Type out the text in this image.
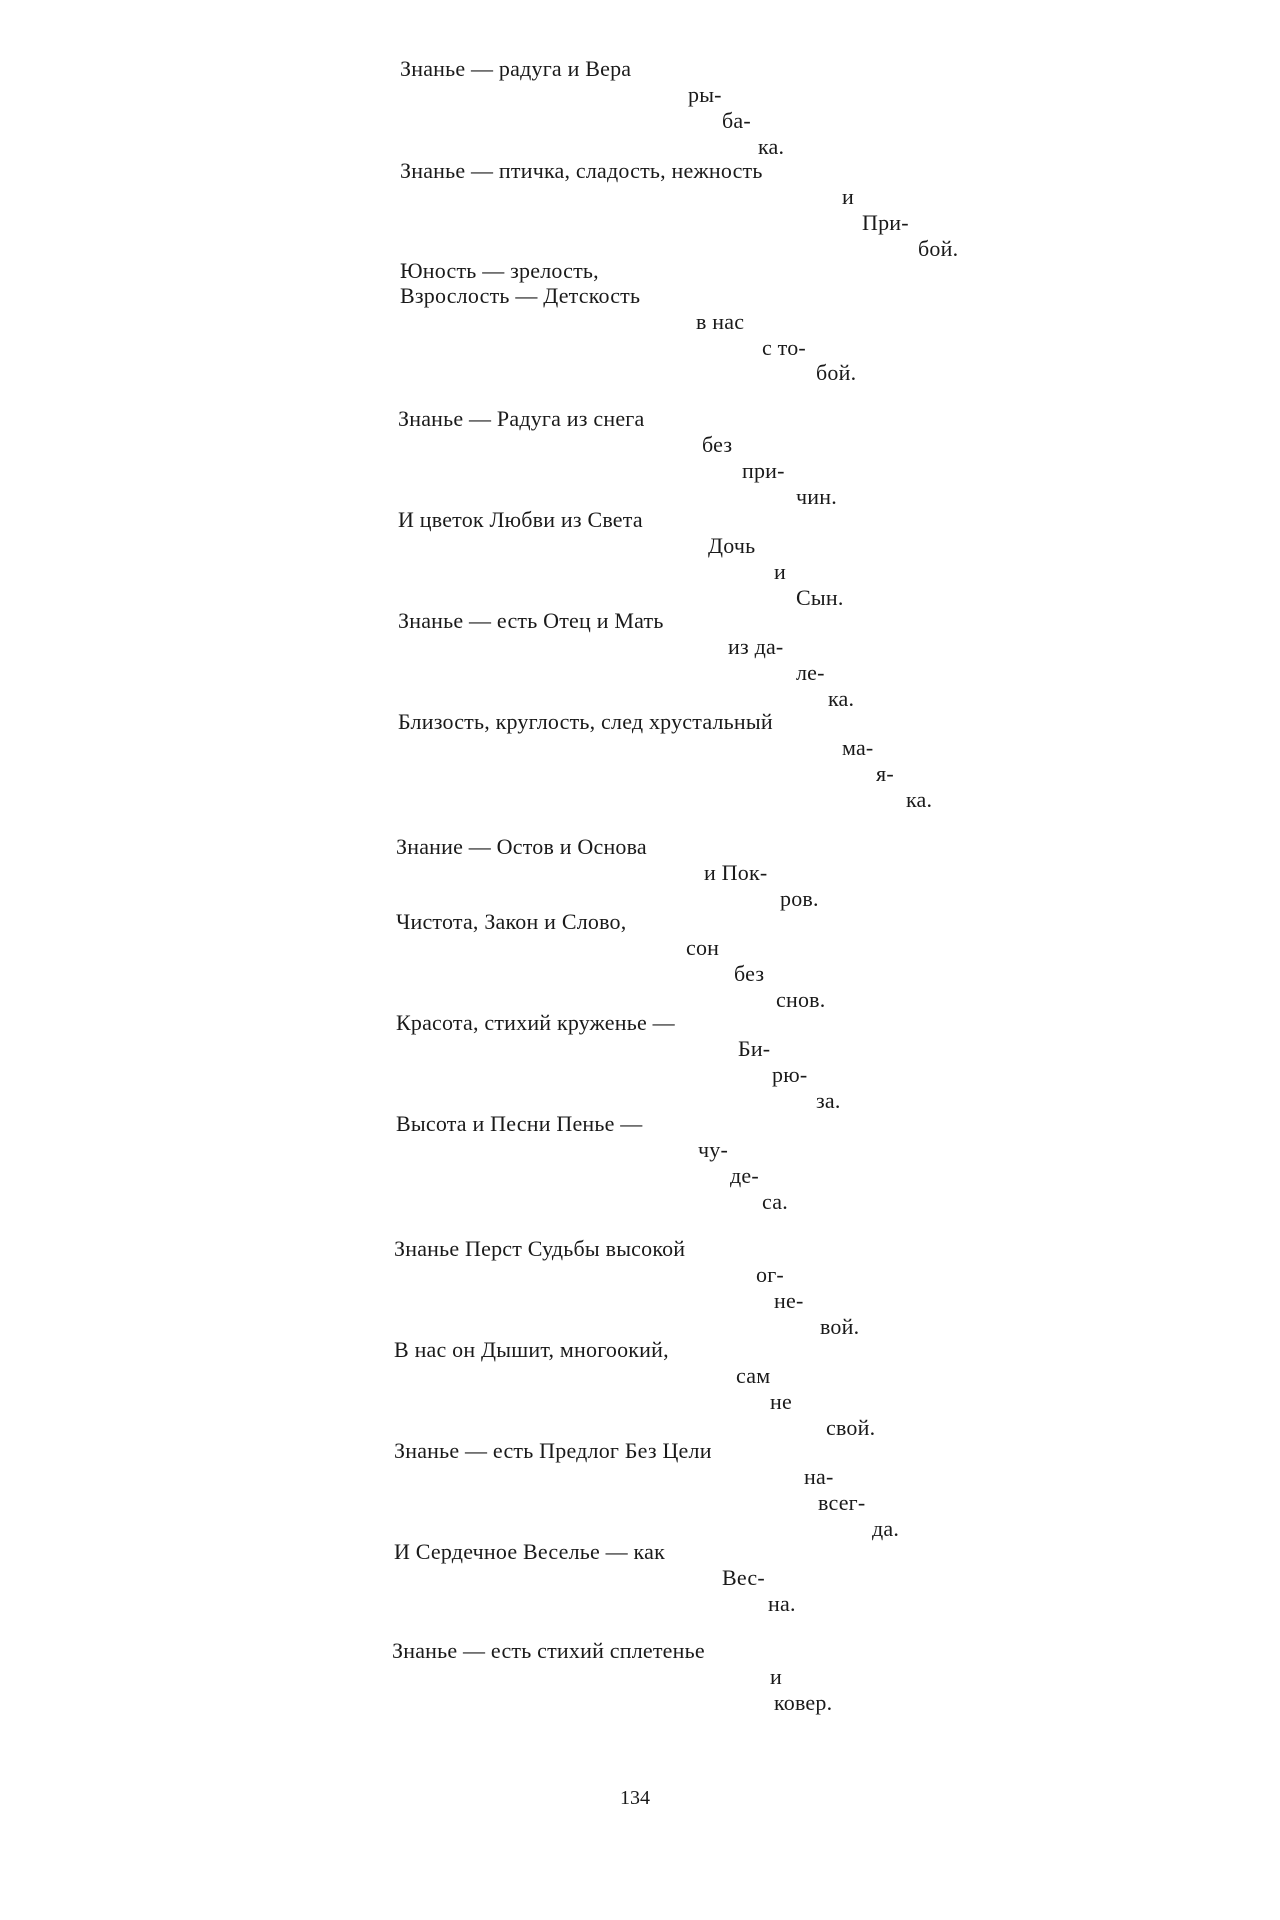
Знанье — радуга и Вера
ры-
ба-
ка.
Знанье — птичка, сладость, нежность
и
При-
бой.
Юность — зрелость,
Взрослость — Детскость
в нас
с то-
бой.
Знанье — Радуга из снега
без
при-
чин.
И цветок Любви из Света
Дочь
и
Сын.
Знанье — есть Отец и Мать
из да-
ле-
ка.
Близость, круглость, след хрустальный
ма-
я-
ка.
Знание — Остов и Основа
и Пок-
ров.
Чистота, Закон и Слово,
сон
без
снов.
Красота, стихий круженье —
Би-
рю-
за.
Высота и Песни Пенье —
чу-
де-
са.
Знанье Перст Судьбы высокой
ог-
не-
вой.
В нас он Дышит, многоокий,
сам
не
свой.
Знанье — есть Предлог Без Цели
на-
всег-
да.
И Сердечное Веселье — как
Вес-
на.
Знанье — есть стихий сплетенье
и
ковер.
134
